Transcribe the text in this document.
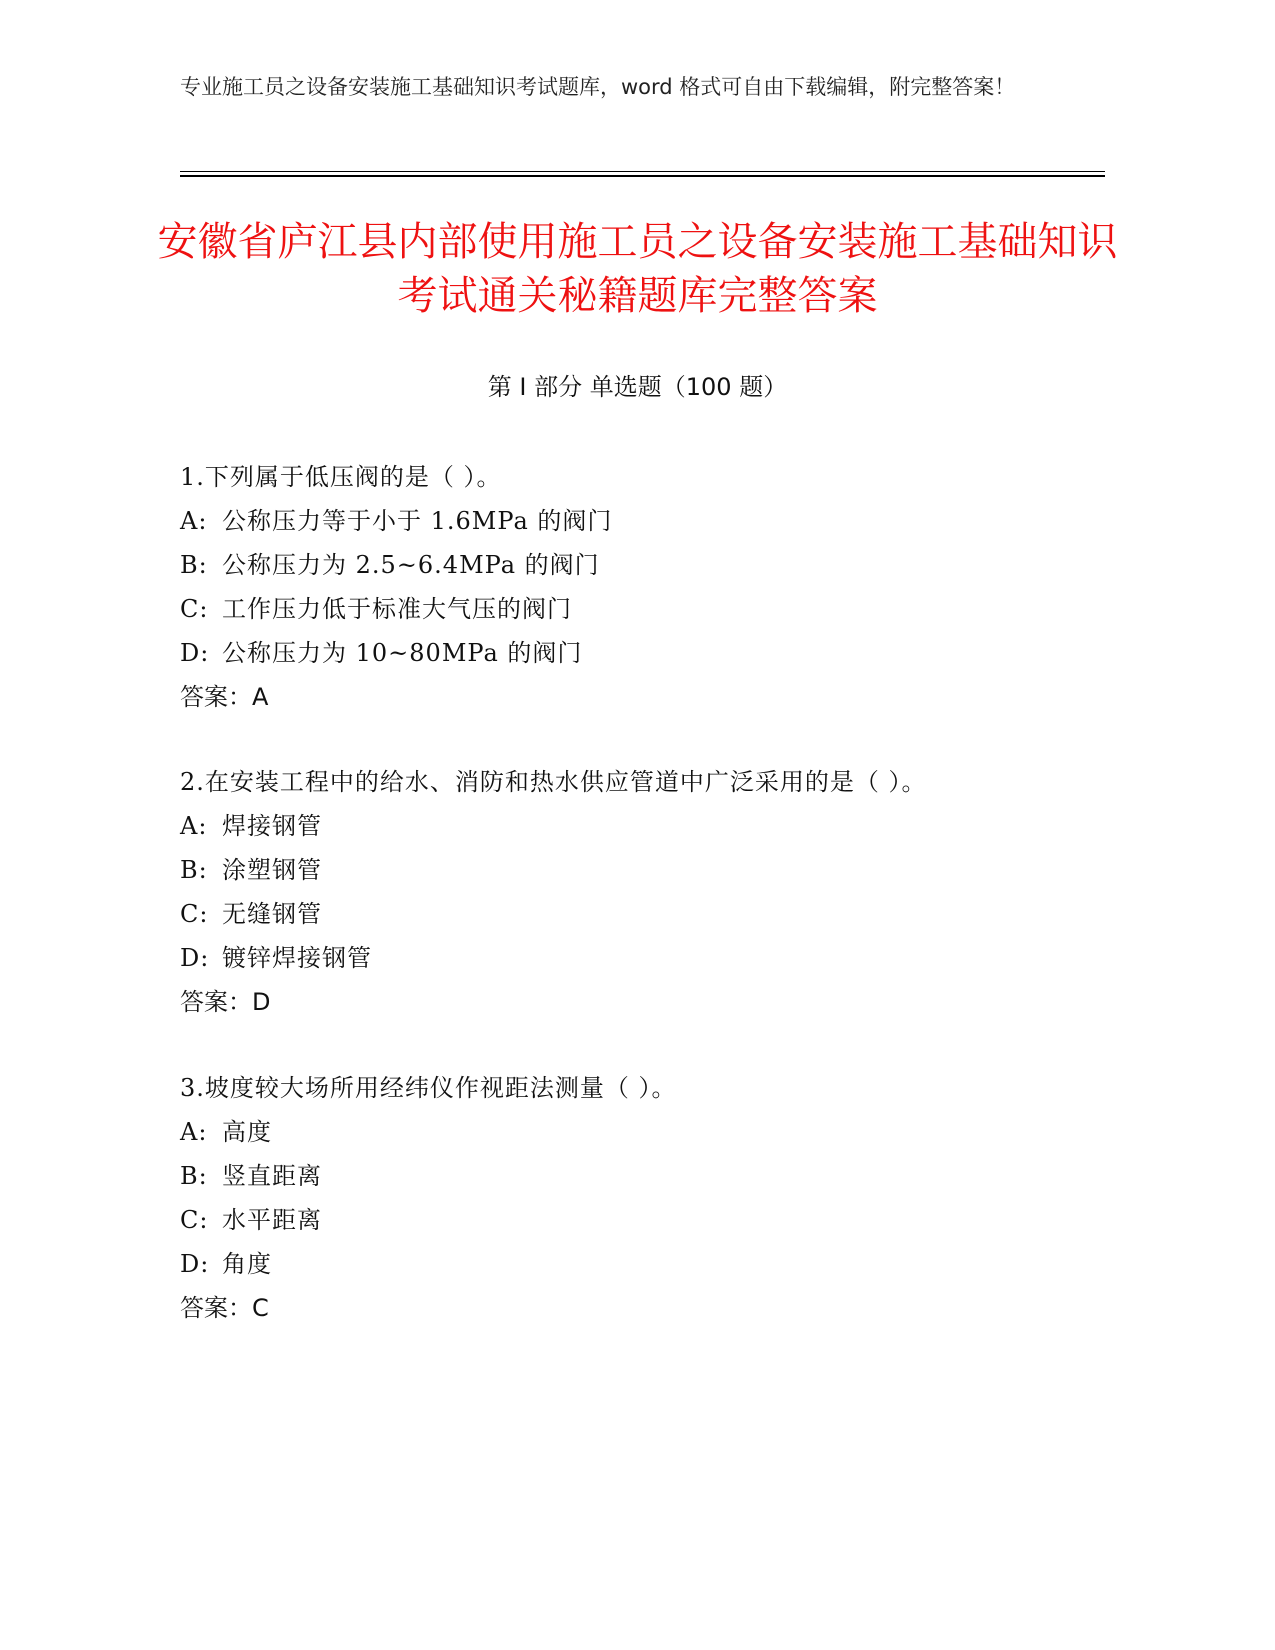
专业施工员之设备安装施工基础知识考试题库，word 格式可自由下载编辑，附完整答案！
安徽省庐江县内部使用施工员之设备安装施工基础知识考试通关秘籍题库完整答案
第 I 部分 单选题（100 题）
1.下列属于低压阀的是（ ）。
A: 公称压力等于小于 1.6MPa 的阀门
B: 公称压力为 2.5~6.4MPa 的阀门
C: 工作压力低于标准大气压的阀门
D: 公称压力为 10~80MPa 的阀门
答案：A
2.在安装工程中的给水、消防和热水供应管道中广泛采用的是（ ）。
A: 焊接钢管
B: 涂塑钢管
C: 无缝钢管
D: 镀锌焊接钢管
答案：D
3.坡度较大场所用经纬仪作视距法测量（ ）。
A: 高度
B: 竖直距离
C: 水平距离
D: 角度
答案：C
